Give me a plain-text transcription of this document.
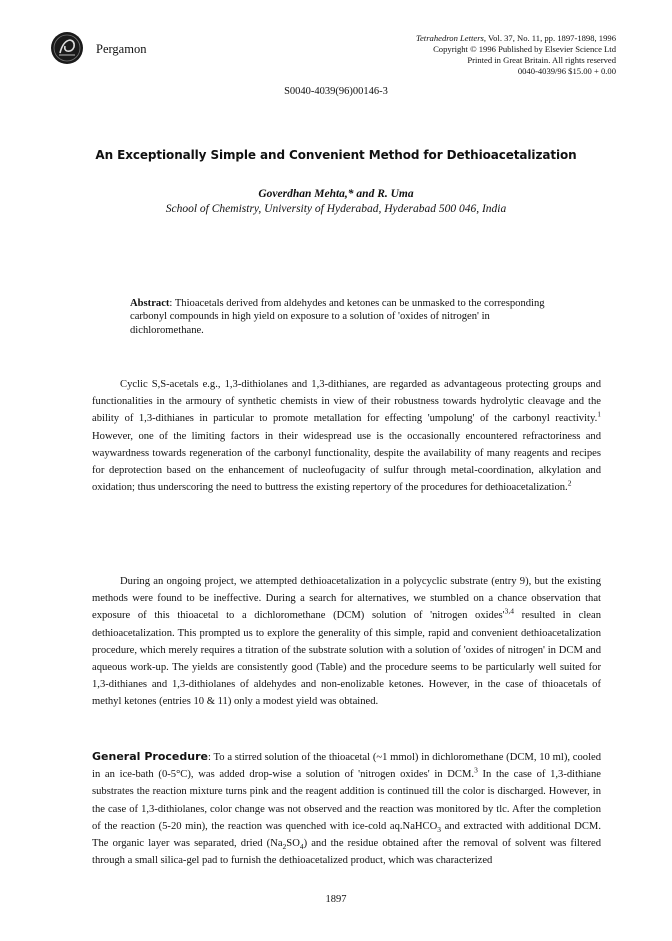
Pergamon
Tetrahedron Letters, Vol. 37, No. 11, pp. 1897-1898, 1996
Copyright © 1996 Published by Elsevier Science Ltd
Printed in Great Britain. All rights reserved
0040-4039/96 $15.00 + 0.00
S0040-4039(96)00146-3
An Exceptionally Simple and Convenient Method for Dethioacetalization
Goverdhan Mehta,* and R. Uma
School of Chemistry, University of Hyderabad, Hyderabad 500 046, India

Abstract: Thioacetals derived from aldehydes and ketones can be unmasked to the corresponding carbonyl compounds in high yield on exposure to a solution of 'oxides of nitrogen' in dichloromethane.

Cyclic S,S-acetals e.g., 1,3-dithiolanes and 1,3-dithianes, are regarded as advantageous protecting groups and functionalities in the armoury of synthetic chemists in view of their robustness towards hydrolytic cleavage and the ability of 1,3-dithianes in particular to promote metallation for effecting 'umpolung' of the carbonyl reactivity.$^1$ However, one of the limiting factors in their widespread use is the occasionally encountered refractoriness and waywardness towards regeneration of the carbonyl functionality, despite the availability of many reagents and recipes for deprotection based on the enhancement of nucleofugacity of sulfur through metal-coordination, alkylation and oxidation; thus underscoring the need to buttress the existing repertory of the procedures for dethioacetalization.$^2$

During an ongoing project, we attempted dethioacetalization in a polycyclic substrate (entry 9), but the existing methods were found to be ineffective. During a search for alternatives, we stumbled on a chance observation that exposure of this thioacetal to a dichloromethane (DCM) solution of 'nitrogen $oxides'^{3,4}$ resulted in clean dethioacetalization. This prompted us to explore the generality of this simple, rapid and convenient dethioacetalization procedure, which merely requires a titration of the substrate solution with a solution of 'oxides of nitrogen' in DCM and aqueous work-up. The yields are consistently good (Table) and the procedure seems to be particularly well suited for 1,3-dithianes and 1,3-dithiolanes of aldehydes and non-enolizable ketones. However, in the case of thioacetals of methyl ketones (entries 10 & 11) only a modest yield was obtained.

General Procedure: To a stirred solution of the thioacetal (~1 mmol) in dichloromethane (DCM, 10 ml), cooled in an ice-bath (0-5°C), was added drop-wise a solution of 'nitrogen oxides' in DCM.$^3$ In the case of 1,3-dithiane substrates the reaction mixture turns pink and the reagent addition is continued till the color is discharged. However, in the case of 1,3-dithiolanes, color change was not observed and the reaction was monitored by tlc. After the completion of the reaction (5-20 min), the reaction was quenched with ice-cold aq.NaHCO$_3$ and extracted with additional DCM. The organic layer was separated, dried $(Na_2SO_4)$ and the residue obtained after the removal of solvent was filtered through a small silica-gel pad to furnish the dethioacetalized product, which was characterized

1897
